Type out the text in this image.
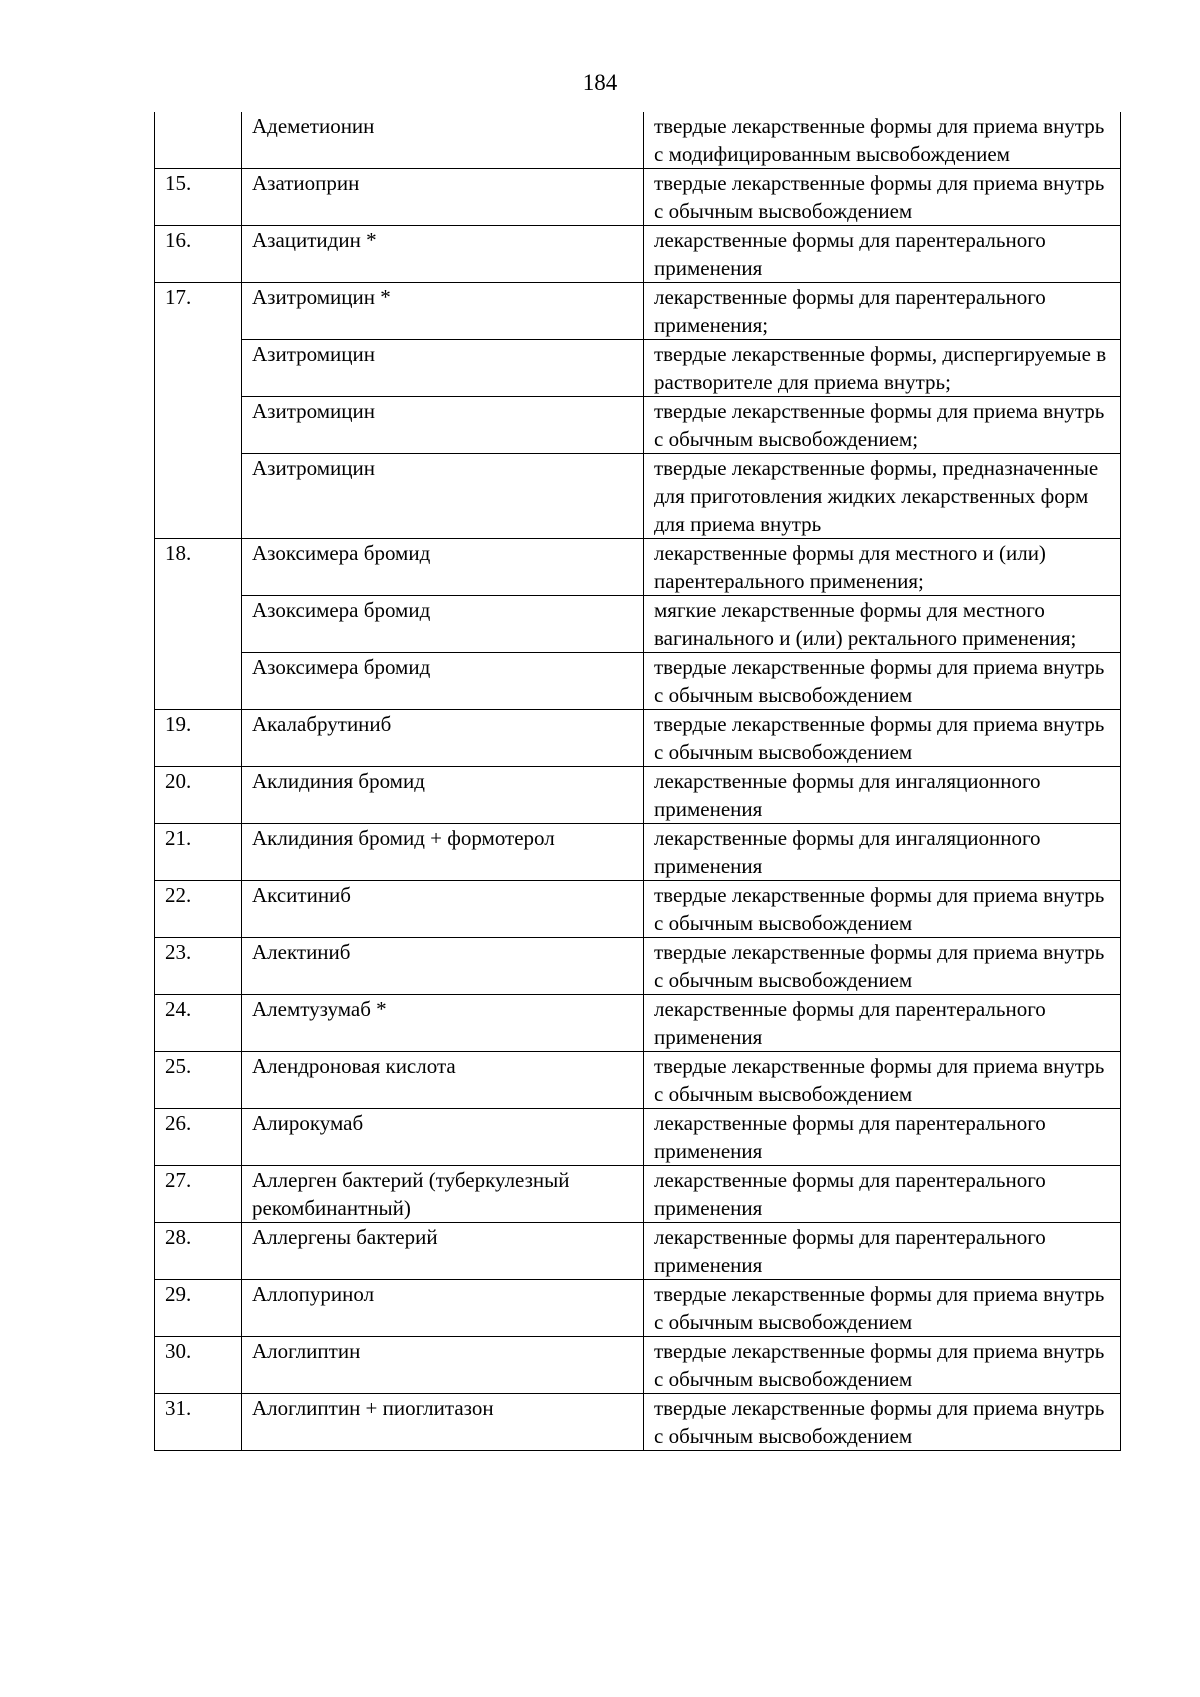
184
	Адеметионин	твердые лекарственные формы для приема внутрь с модифицированным высвобождением
15.	Азатиоприн	твердые лекарственные формы для приема внутрь с обычным высвобождением
16.	Азацитидин *	лекарственные формы для парентерального применения
17.	Азитромицин *	лекарственные формы для парентерального применения;
	Азитромицин	твердые лекарственные формы, диспергируемые в растворителе для приема внутрь;
	Азитромицин	твердые лекарственные формы для приема внутрь с обычным высвобождением;
	Азитромицин	твердые лекарственные формы, предназначенные для приготовления жидких лекарственных форм для приема внутрь
18.	Азоксимера бромид	лекарственные формы для местного и (или) парентерального применения;
	Азоксимера бромид	мягкие лекарственные формы для местного вагинального и (или) ректального применения;
	Азоксимера бромид	твердые лекарственные формы для приема внутрь с обычным высвобождением
19.	Акалабрутиниб	твердые лекарственные формы для приема внутрь с обычным высвобождением
20.	Аклидиния бромид	лекарственные формы для ингаляционного применения
21.	Аклидиния бромид + формотерол	лекарственные формы для ингаляционного применения
22.	Акситиниб	твердые лекарственные формы для приема внутрь с обычным высвобождением
23.	Алектиниб	твердые лекарственные формы для приема внутрь с обычным высвобождением
24.	Алемтузумаб *	лекарственные формы для парентерального применения
25.	Алендроновая кислота	твердые лекарственные формы для приема внутрь с обычным высвобождением
26.	Алирокумаб	лекарственные формы для парентерального применения
27.	Аллерген бактерий (туберкулезный рекомбинантный)	лекарственные формы для парентерального применения
28.	Аллергены бактерий	лекарственные формы для парентерального применения
29.	Аллопуринол	твердые лекарственные формы для приема внутрь с обычным высвобождением
30.	Алоглиптин	твердые лекарственные формы для приема внутрь с обычным высвобождением
31.	Алоглиптин + пиоглитазон	твердые лекарственные формы для приема внутрь с обычным высвобождением
